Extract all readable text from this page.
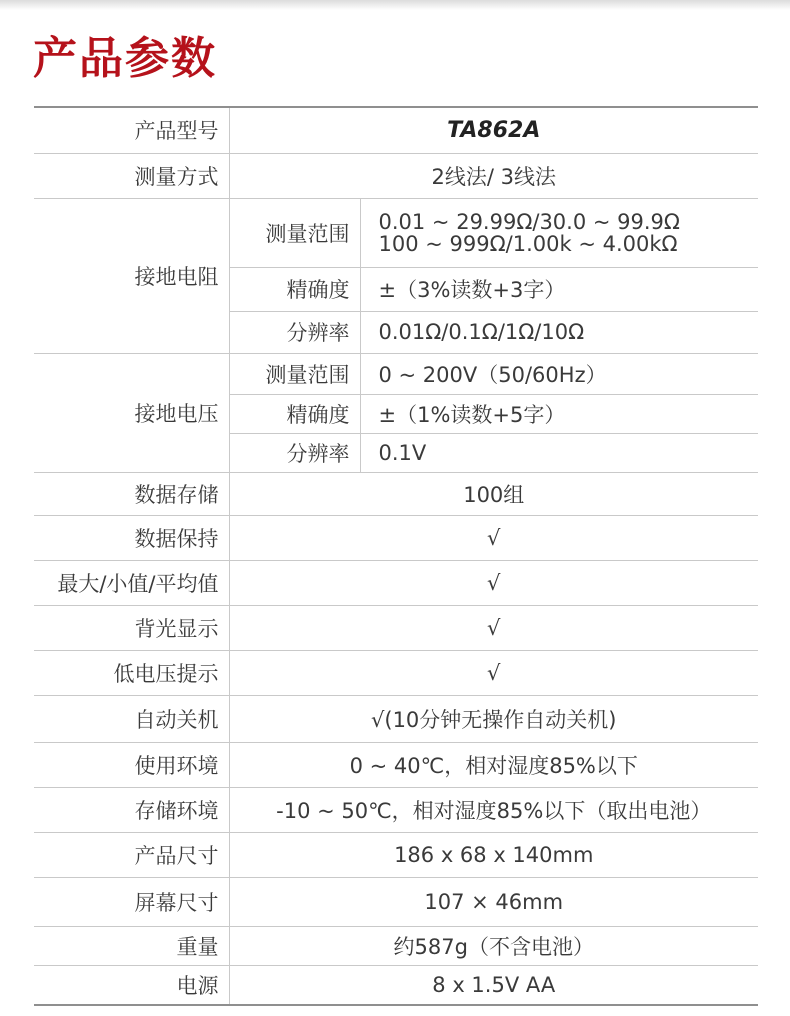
产品参数
产品型号	TA862A	
测量方式	2线法/ 3线法	
接地电阻	测量范围	0.01 ~ 29.99Ω/30.0 ~ 99.9Ω
100 ~ 999Ω/1.00k ~ 4.00kΩ

	精确度	±（3%读数+3字）
	分辨率	0.01Ω/0.1Ω/1Ω/10Ω
接地电压	测量范围	0 ~ 200V（50/60Hz）
	精确度	±（1%读数+5字）
	分辨率	0.1V
数据存储	100组	
数据保持	√	
最大/小值/平均值	√	
背光显示	√	
低电压提示	√	
自动关机	√(10分钟无操作自动关机)	
使用环境	0 ~ 40℃，相对湿度85%以下	
存储环境	-10 ~ 50℃，相对湿度85%以下（取出电池）	
产品尺寸	186 x 68 x 140mm	
屏幕尺寸	107 × 46mm	
重量	约587g（不含电池）	
电源	8 x 1.5V AA	
